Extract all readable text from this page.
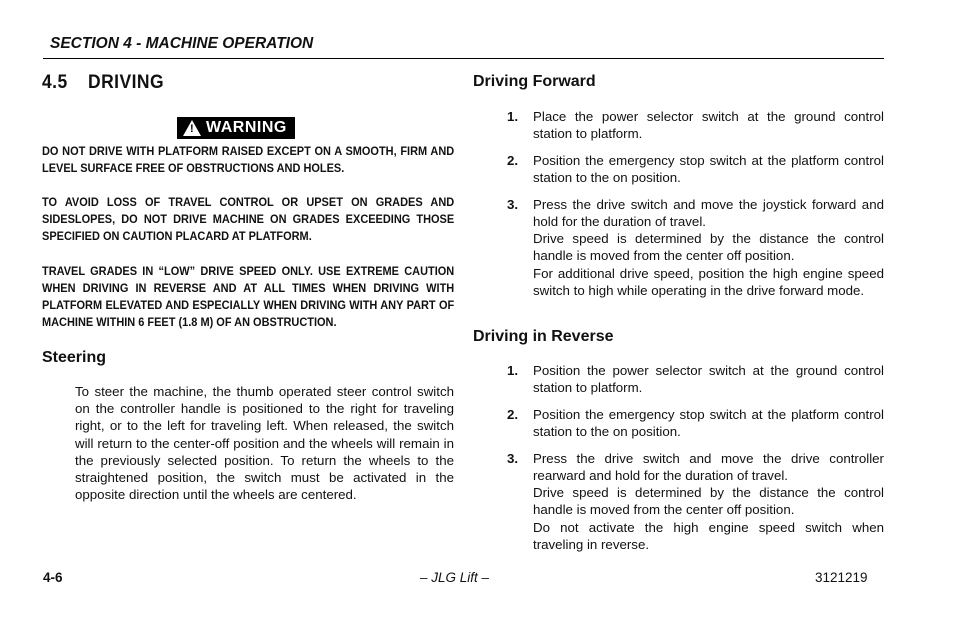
SECTION 4 - MACHINE OPERATION
4.5 DRIVING
! WARNING
DO NOT DRIVE WITH PLATFORM RAISED EXCEPT ON A SMOOTH, FIRM AND LEVEL SURFACE FREE OF OBSTRUCTIONS AND HOLES.
TO AVOID LOSS OF TRAVEL CONTROL OR UPSET ON GRADES AND SIDESLOPES, DO NOT DRIVE MACHINE ON GRADES EXCEEDING THOSE SPECIFIED ON CAUTION PLACARD AT PLATFORM.
TRAVEL GRADES IN “LOW” DRIVE SPEED ONLY. USE EXTREME CAUTION WHEN DRIVING IN REVERSE AND AT ALL TIMES WHEN DRIVING WITH PLATFORM ELEVATED AND ESPECIALLY WHEN DRIVING WITH ANY PART OF MACHINE WITHIN 6 FEET (1.8 M) OF AN OBSTRUCTION.
Steering
To steer the machine, the thumb operated steer control switch on the controller handle is positioned to the right for traveling right, or to the left for traveling left. When released, the switch will return to the center-off position and the wheels will remain in the previously selected position. To return the wheels to the straightened position, the switch must be activated in the opposite direction until the wheels are centered.
Driving Forward
1.	Place the power selector switch at the ground control station to platform.
2.	Position the emergency stop switch at the platform control station to the on position.
3.	Press the drive switch and move the joystick forward and hold for the duration of travel.
Drive speed is determined by the distance the control handle is moved from the center off position.
For additional drive speed, position the high engine speed switch to high while operating in the drive forward mode.
Driving in Reverse
1.	Position the power selector switch at the ground control station to platform.
2.	Position the emergency stop switch at the platform control station to the on position.
3.	Press the drive switch and move the drive controller rearward and hold for the duration of travel.
Drive speed is determined by the distance the control handle is moved from the center off position.
Do not activate the high engine speed switch when traveling in reverse.
4-6	– JLG Lift –	3121219
